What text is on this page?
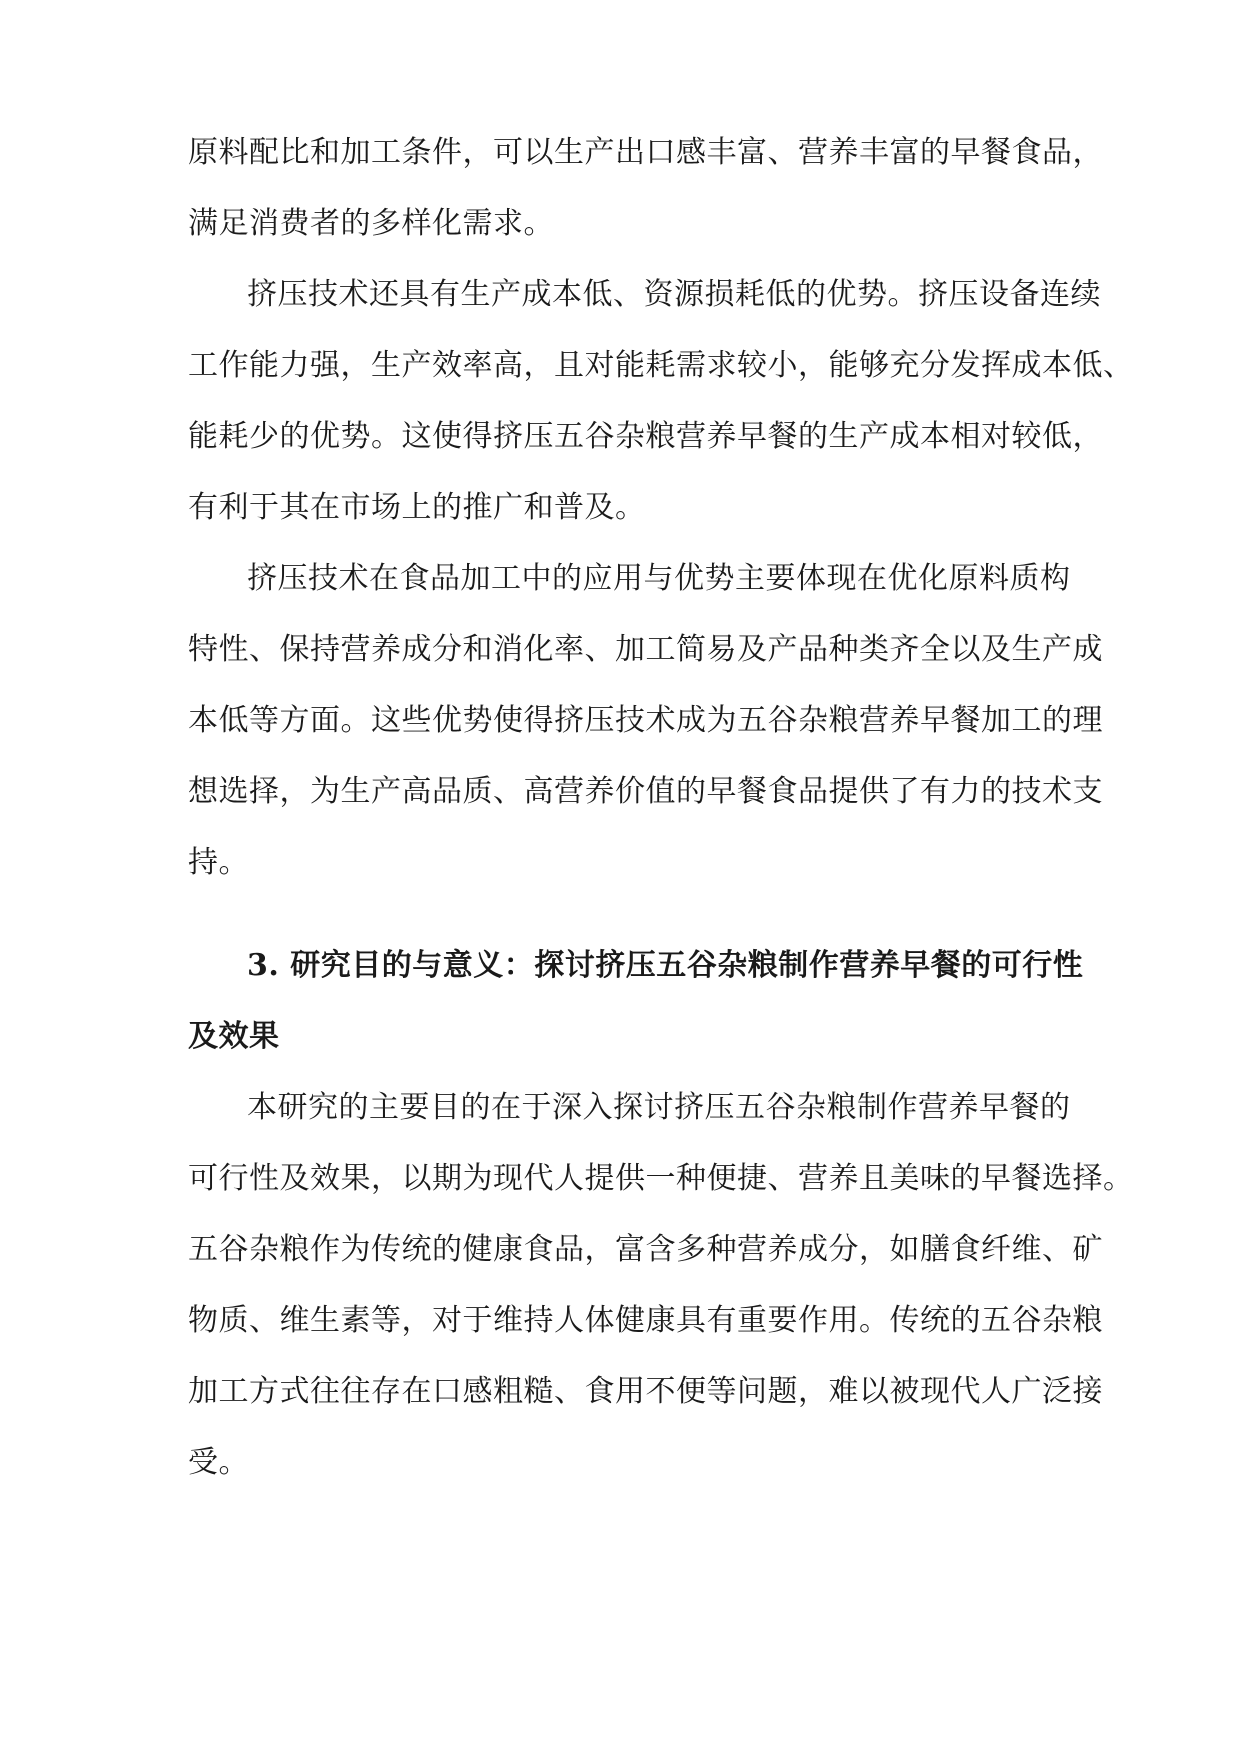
原料配比和加工条件，可以生产出口感丰富、营养丰富的早餐食品，
满足消费者的多样化需求。
挤压技术还具有生产成本低、资源损耗低的优势。挤压设备连续
工作能力强，生产效率高，且对能耗需求较小，能够充分发挥成本低、
能耗少的优势。这使得挤压五谷杂粮营养早餐的生产成本相对较低，
有利于其在市场上的推广和普及。
挤压技术在食品加工中的应用与优势主要体现在优化原料质构
特性、保持营养成分和消化率、加工简易及产品种类齐全以及生产成
本低等方面。这些优势使得挤压技术成为五谷杂粮营养早餐加工的理
想选择，为生产高品质、高营养价值的早餐食品提供了有力的技术支
持。
3. 研究目的与意义：探讨挤压五谷杂粮制作营养早餐的可行性
及效果
本研究的主要目的在于深入探讨挤压五谷杂粮制作营养早餐的
可行性及效果，以期为现代人提供一种便捷、营养且美味的早餐选择。
五谷杂粮作为传统的健康食品，富含多种营养成分，如膳食纤维、矿
物质、维生素等，对于维持人体健康具有重要作用。传统的五谷杂粮
加工方式往往存在口感粗糙、食用不便等问题，难以被现代人广泛接
受。
